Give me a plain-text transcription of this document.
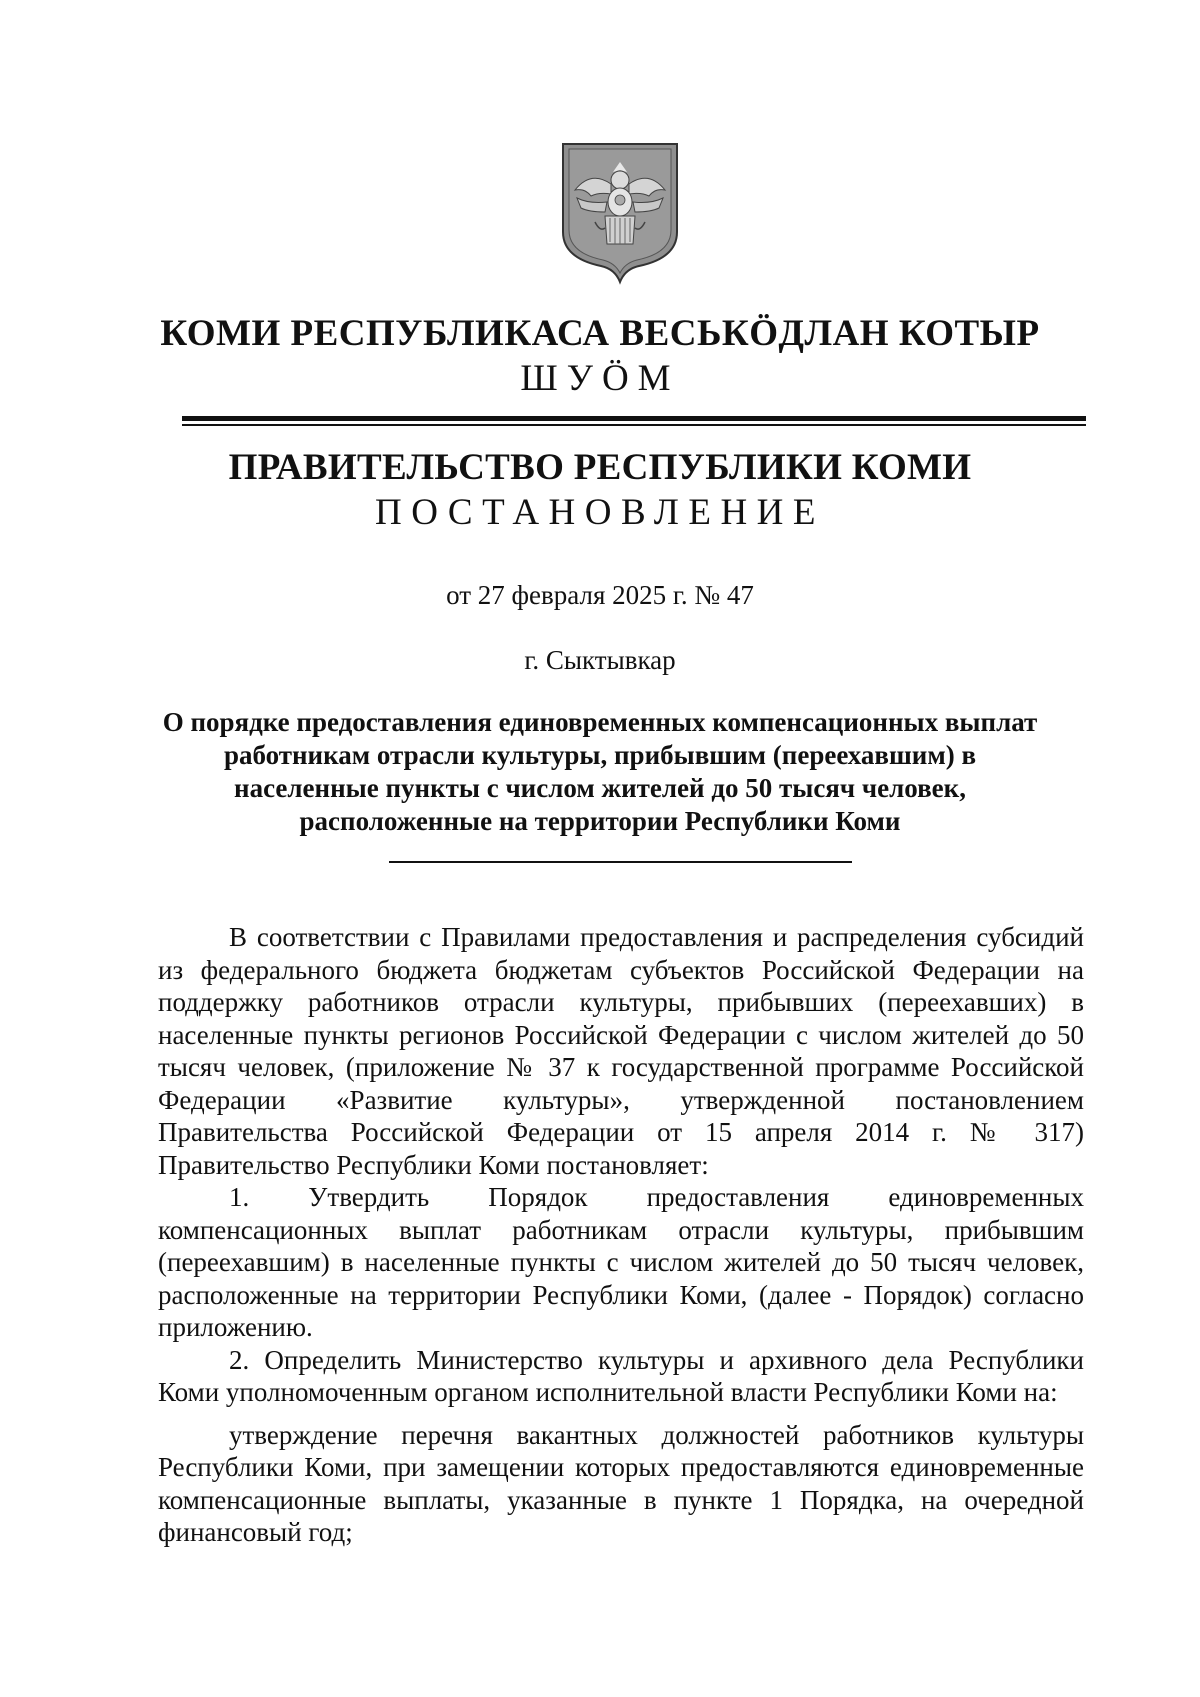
КОМИ РЕСПУБЛИКАСА ВЕСЬКӦДЛАН КОТЫР
ШУӦМ
ПРАВИТЕЛЬСТВО РЕСПУБЛИКИ КОМИ
ПОСТАНОВЛЕНИЕ
от 27 февраля 2025 г. № 47
г. Сыктывкар
О порядке предоставления единовременных компенсационных выплат
работникам отрасли культуры, прибывшим (переехавшим) в
населенные пункты с числом жителей до 50 тысяч человек,
расположенные на территории Республики Коми

В соответствии с Правилами предоставления и распределения субсидий из федерального бюджета бюджетам субъектов Российской Федерации на поддержку работников отрасли культуры, прибывших (переехавших) в населенные пункты регионов Российской Федерации с числом жителей до 50 тысяч человек, (приложение № 37 к государственной программе Российской Федерации «Развитие культуры», утвержденной постановлением Правительства Российской Федерации от 15 апреля 2014 г. № 317) Правительство Республики Коми постановляет:

1. Утвердить Порядок предоставления единовременных компенсационных выплат работникам отрасли культуры, прибывшим (переехавшим) в населенные пункты с числом жителей до 50 тысяч человек, расположенные на территории Республики Коми, (далее - Порядок) согласно приложению.

2. Определить Министерство культуры и архивного дела Республики Коми уполномоченным органом исполнительной власти Республики Коми на:

утверждение перечня вакантных должностей работников культуры Республики Коми, при замещении которых предоставляются единовременные компенсационные выплаты, указанные в пункте 1 Порядка, на очередной финансовый год;
